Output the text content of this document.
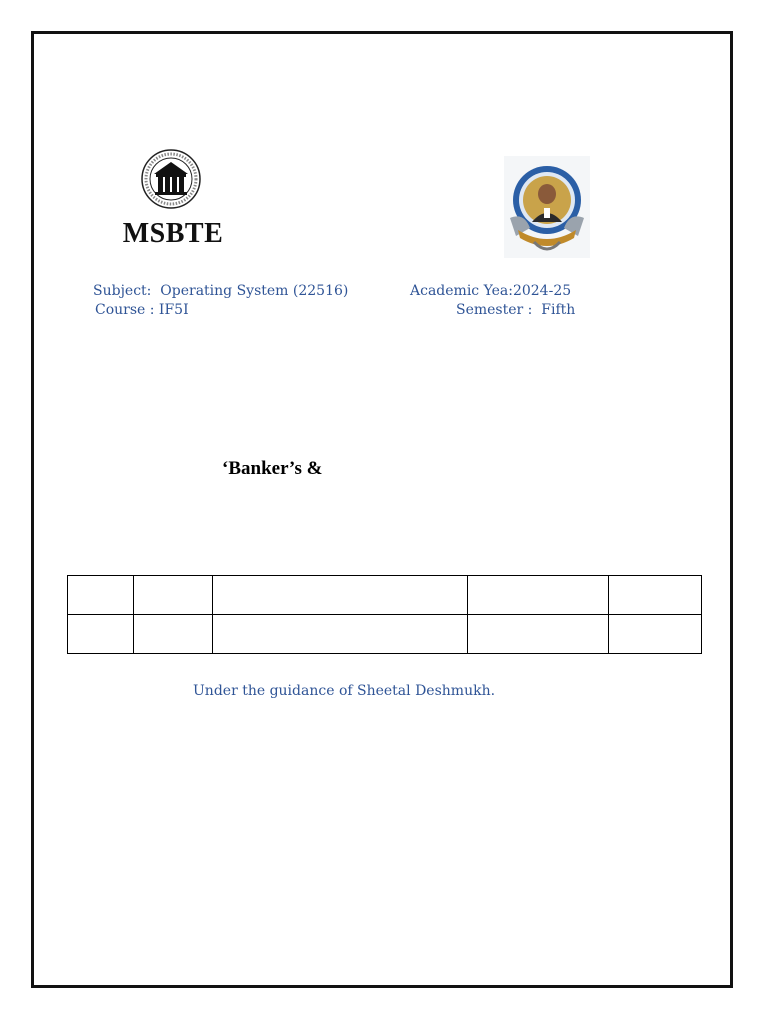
MSBTE
Subject:  Operating System (22516)
Course : IF5I
Academic Yea:2024-25
Semester :  Fifth
‘Banker’s &

Under the guidance of Sheetal Deshmukh.
